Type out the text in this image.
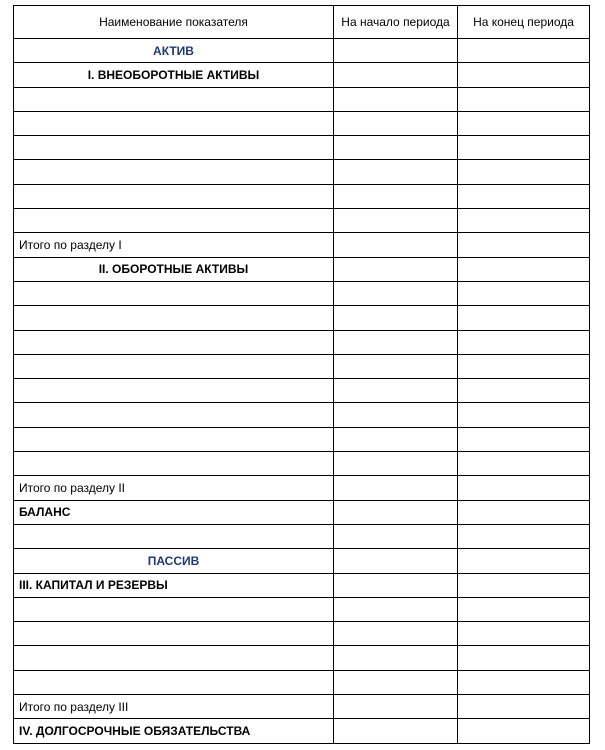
Наименование показателя	На начало периода	На конец периода
АКТИВ		
I. ВНЕОБОРОТНЫЕ АКТИВЫ		

Итого по разделу I		
II. ОБОРОТНЫЕ АКТИВЫ		

Итого по разделу II		
БАЛАНС		

ПАССИВ		
III. КАПИТАЛ И РЕЗЕРВЫ		

Итого по разделу III		
IV. ДОЛГОСРОЧНЫЕ ОБЯЗАТЕЛЬСТВА		
